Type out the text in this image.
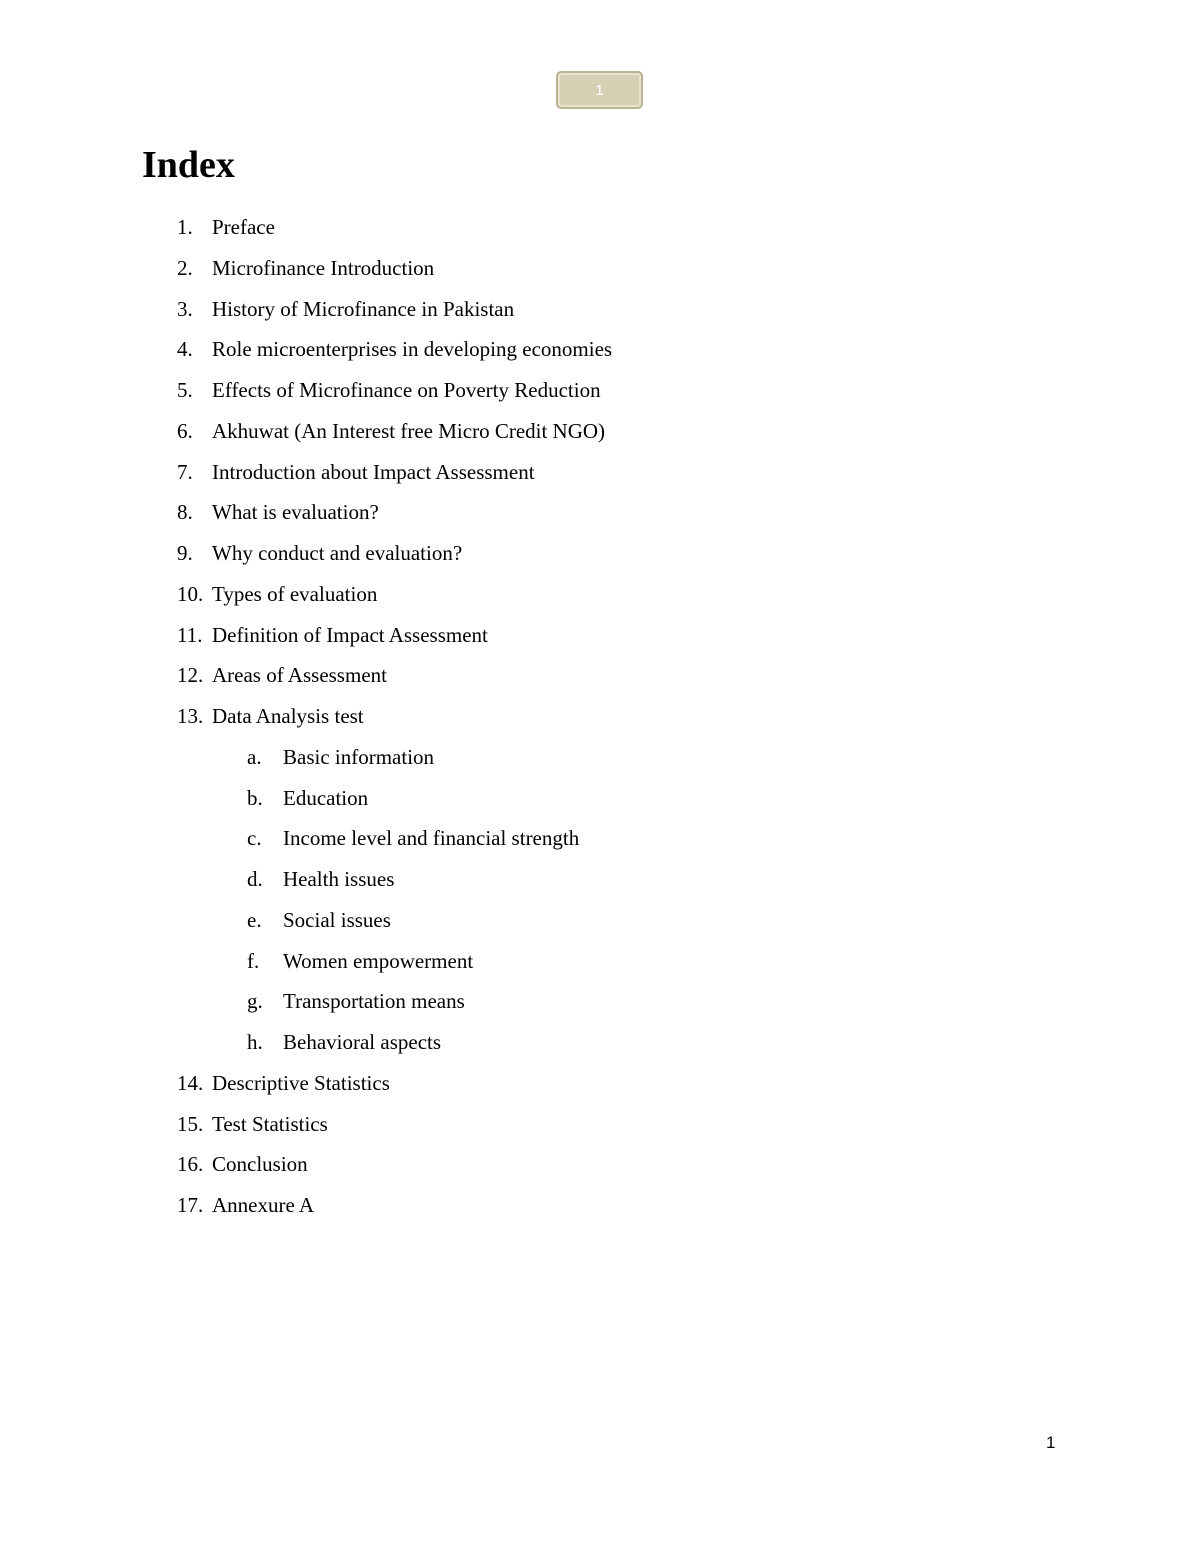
1
Index
1. Preface
2. Microfinance Introduction
3. History of Microfinance in Pakistan
4. Role microenterprises in developing economies
5. Effects of Microfinance on Poverty Reduction
6. Akhuwat (An Interest free Micro Credit NGO)
7. Introduction about Impact Assessment
8. What is evaluation?
9. Why conduct and evaluation?
10. Types of evaluation
11. Definition of Impact Assessment
12. Areas of Assessment
13. Data Analysis test
a. Basic information
b. Education
c. Income level and financial strength
d. Health issues
e. Social issues
f. Women empowerment
g. Transportation means
h. Behavioral aspects
14. Descriptive Statistics
15. Test Statistics
16. Conclusion
17. Annexure A
1
